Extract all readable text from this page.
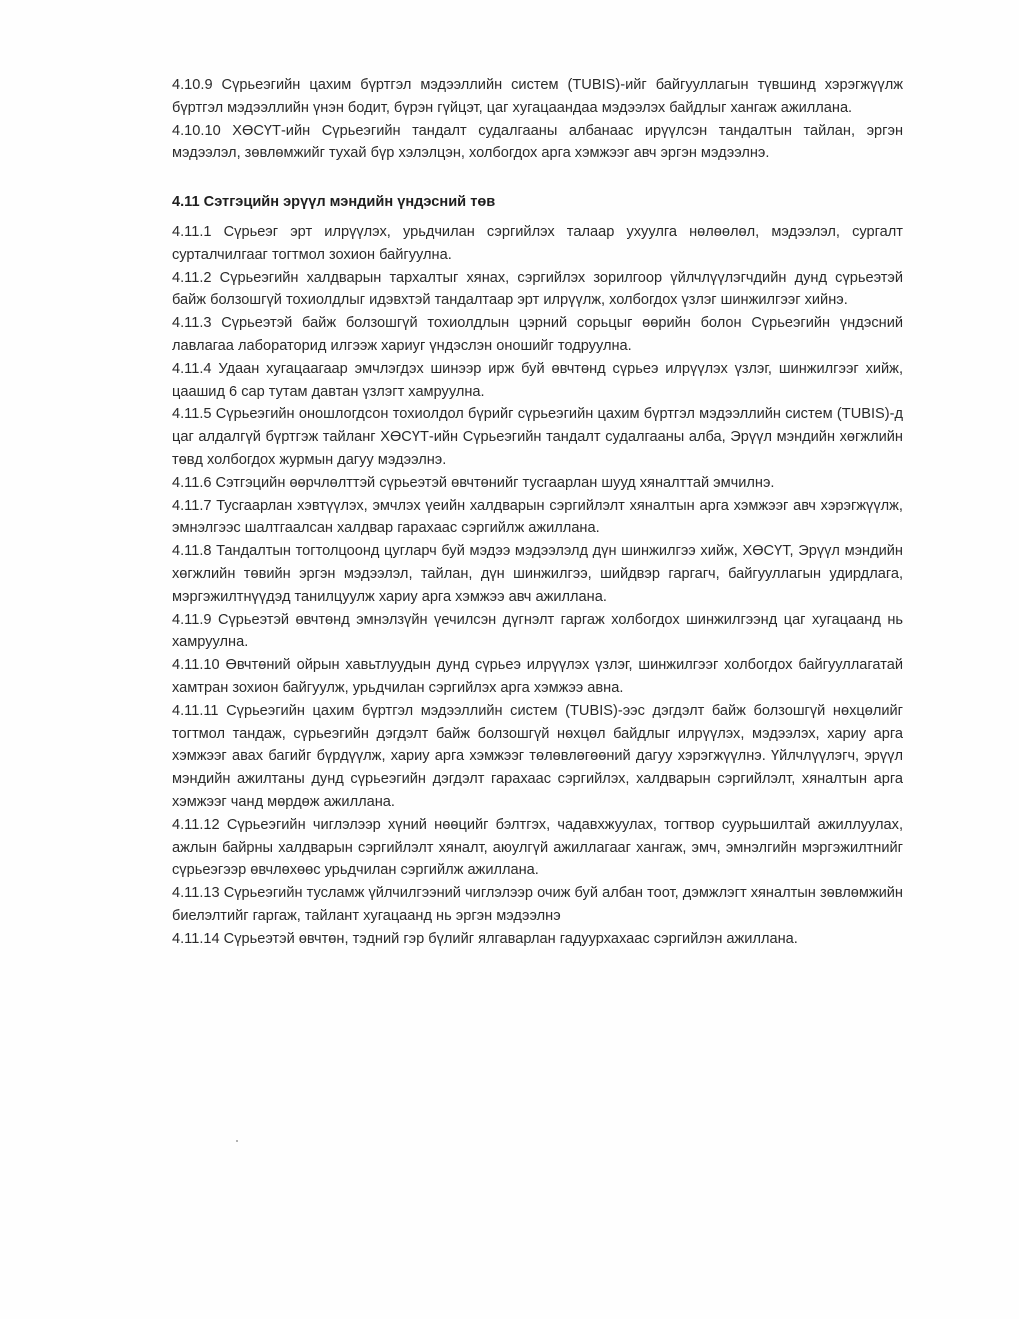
4.10.9 Сүрьеэгийн цахим бүртгэл мэдээллийн систем (TUBIS)-ийг байгууллагын түвшинд хэрэгжүүлж бүртгэл мэдээллийн үнэн бодит, бүрэн гүйцэт, цаг хугацаандаа мэдээлэх байдлыг хангаж ажиллана.

4.10.10 ХӨСҮТ-ийн Сүрьеэгийн тандалт судалгааны албанаас ирүүлсэн тандалтын тайлан, эргэн мэдээлэл, зөвлөмжийг тухай бүр хэлэлцэн, холбогдох арга хэмжээг авч эргэн мэдээлнэ.

4.11 Сэтгэцийн эрүүл мэндийн үндэсний төв

4.11.1 Сүрьеэг эрт илрүүлэх, урьдчилан сэргийлэх талаар ухуулга нөлөөлөл, мэдээлэл, сургалт сурталчилгааг тогтмол зохион байгуулна.

4.11.2 Сүрьеэгийн халдварын тархалтыг хянах, сэргийлэх зорилгоор үйлчлүүлэгчдийн дунд сүрьеэтэй байж болзошгүй тохиолдлыг идэвхтэй тандалтаар эрт илрүүлж, холбогдох үзлэг шинжилгээг хийнэ.

4.11.3 Сүрьеэтэй байж болзошгүй тохиолдлын цэрний сорьцыг өөрийн болон Сүрьеэгийн үндэсний лавлагаа лабораторид илгээж хариуг үндэслэн оношийг тодруулна.

4.11.4 Удаан хугацаагаар эмчлэгдэх шинээр ирж буй өвчтөнд сүрьеэ илрүүлэх үзлэг, шинжилгээг хийж, цаашид 6 сар тутам давтан үзлэгт хамруулна.

4.11.5 Сүрьеэгийн оношлогдсон тохиолдол бүрийг сүрьеэгийн цахим бүртгэл мэдээллийн систем (TUBIS)-д цаг алдалгүй бүртгэж тайланг ХӨСҮТ-ийн Сүрьеэгийн тандалт судалгааны алба, Эрүүл мэндийн хөгжлийн төвд холбогдох журмын дагуу мэдээлнэ.

4.11.6 Сэтгэцийн өөрчлөлттэй сүрьеэтэй өвчтөнийг тусгаарлан шууд хяналттай эмчилнэ.

4.11.7 Тусгаарлан хэвтүүлэх, эмчлэх үеийн халдварын сэргийлэлт хяналтын арга хэмжээг авч хэрэгжүүлж, эмнэлгээс шалтгаалсан халдвар гарахаас сэргийлж ажиллана.

4.11.8 Тандалтын тогтолцоонд цугларч буй мэдээ мэдээлэлд дүн шинжилгээ хийж, ХӨСҮТ, Эрүүл мэндийн хөгжлийн төвийн эргэн мэдээлэл, тайлан, дүн шинжилгээ, шийдвэр гаргагч, байгууллагын удирдлага, мэргэжилтнүүдэд танилцуулж хариу арга хэмжээ авч ажиллана.

4.11.9 Сүрьеэтэй өвчтөнд эмнэлзүйн үечилсэн дүгнэлт гаргаж холбогдох шинжилгээнд цаг хугацаанд нь хамруулна.

4.11.10 Өвчтөний ойрын хавьтлуудын дунд сүрьеэ илрүүлэх үзлэг, шинжилгээг холбогдох байгууллагатай хамтран зохион байгуулж, урьдчилан сэргийлэх арга хэмжээ авна.

4.11.11 Сүрьеэгийн цахим бүртгэл мэдээллийн систем (TUBIS)-ээс дэгдэлт байж болзошгүй нөхцөлийг тогтмол тандаж, сүрьеэгийн дэгдэлт байж болзошгүй нөхцөл байдлыг илрүүлэх, мэдээлэх, хариу арга хэмжээг авах багийг бүрдүүлж, хариу арга хэмжээг төлөвлөгөөний дагуу хэрэгжүүлнэ. Үйлчлүүлэгч, эрүүл мэндийн ажилтаны дунд сүрьеэгийн дэгдэлт гарахаас сэргийлэх, халдварын сэргийлэлт, хяналтын арга хэмжээг чанд мөрдөж ажиллана.

4.11.12 Сүрьеэгийн чиглэлээр хүний нөөцийг бэлтгэх, чадавхжуулах, тогтвор суурьшилтай ажиллуулах, ажлын байрны халдварын сэргийлэлт хяналт, аюулгүй ажиллагааг хангаж, эмч, эмнэлгийн мэргэжилтнийг сүрьеэгээр өвчлөхөөс урьдчилан сэргийлж ажиллана.

4.11.13 Сүрьеэгийн тусламж үйлчилгээний чиглэлээр очиж буй албан тоот, дэмжлэгт хяналтын зөвлөмжийн биелэлтийг гаргаж, тайлант хугацаанд нь эргэн мэдээлнэ

4.11.14 Сүрьеэтэй өвчтөн, тэдний гэр бүлийг ялгаварлан гадуурхахаас сэргийлэн ажиллана.
